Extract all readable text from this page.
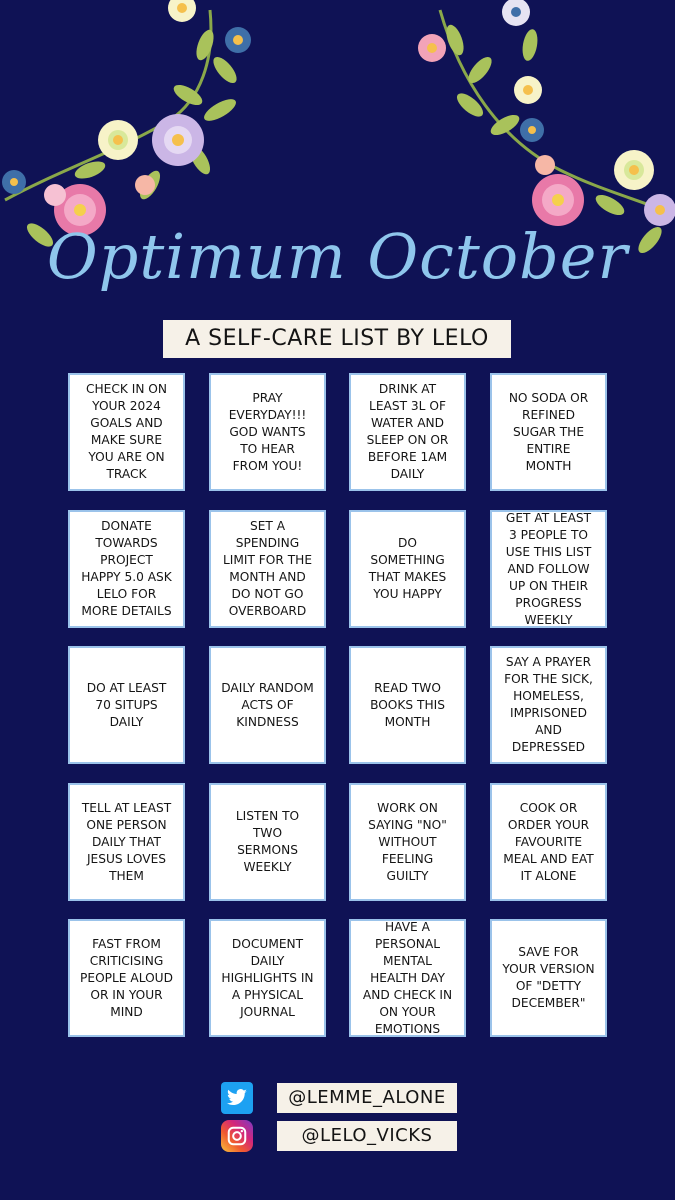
Optimum October
A SELF-CARE LIST BY LELO
CHECK IN ON YOUR 2024 GOALS AND MAKE SURE YOU ARE ON TRACK
PRAY EVERYDAY!!! GOD WANTS TO HEAR FROM YOU!
DRINK AT LEAST 3L OF WATER AND SLEEP ON OR BEFORE 1AM DAILY
NO SODA OR REFINED SUGAR THE ENTIRE MONTH
DONATE TOWARDS PROJECT HAPPY 5.0 ASK LELO FOR MORE DETAILS
SET A SPENDING LIMIT FOR THE MONTH AND DO NOT GO OVERBOARD
DO SOMETHING THAT MAKES YOU HAPPY
GET AT LEAST 3 PEOPLE TO USE THIS LIST AND FOLLOW UP ON THEIR PROGRESS WEEKLY
DO AT LEAST 70 SITUPS DAILY
DAILY RANDOM ACTS OF KINDNESS
READ TWO BOOKS THIS MONTH
SAY A PRAYER FOR THE SICK, HOMELESS, IMPRISONED AND DEPRESSED
TELL AT LEAST ONE PERSON DAILY THAT JESUS LOVES THEM
LISTEN TO TWO SERMONS WEEKLY
WORK ON SAYING "NO" WITHOUT FEELING GUILTY
COOK OR ORDER YOUR FAVOURITE MEAL AND EAT IT ALONE
FAST FROM CRITICISING PEOPLE ALOUD OR IN YOUR MIND
DOCUMENT DAILY HIGHLIGHTS IN A PHYSICAL JOURNAL
HAVE A PERSONAL MENTAL HEALTH DAY AND CHECK IN ON YOUR EMOTIONS
SAVE FOR YOUR VERSION OF "DETTY DECEMBER"
@LEMME_ALONE
@LELO_VICKS
